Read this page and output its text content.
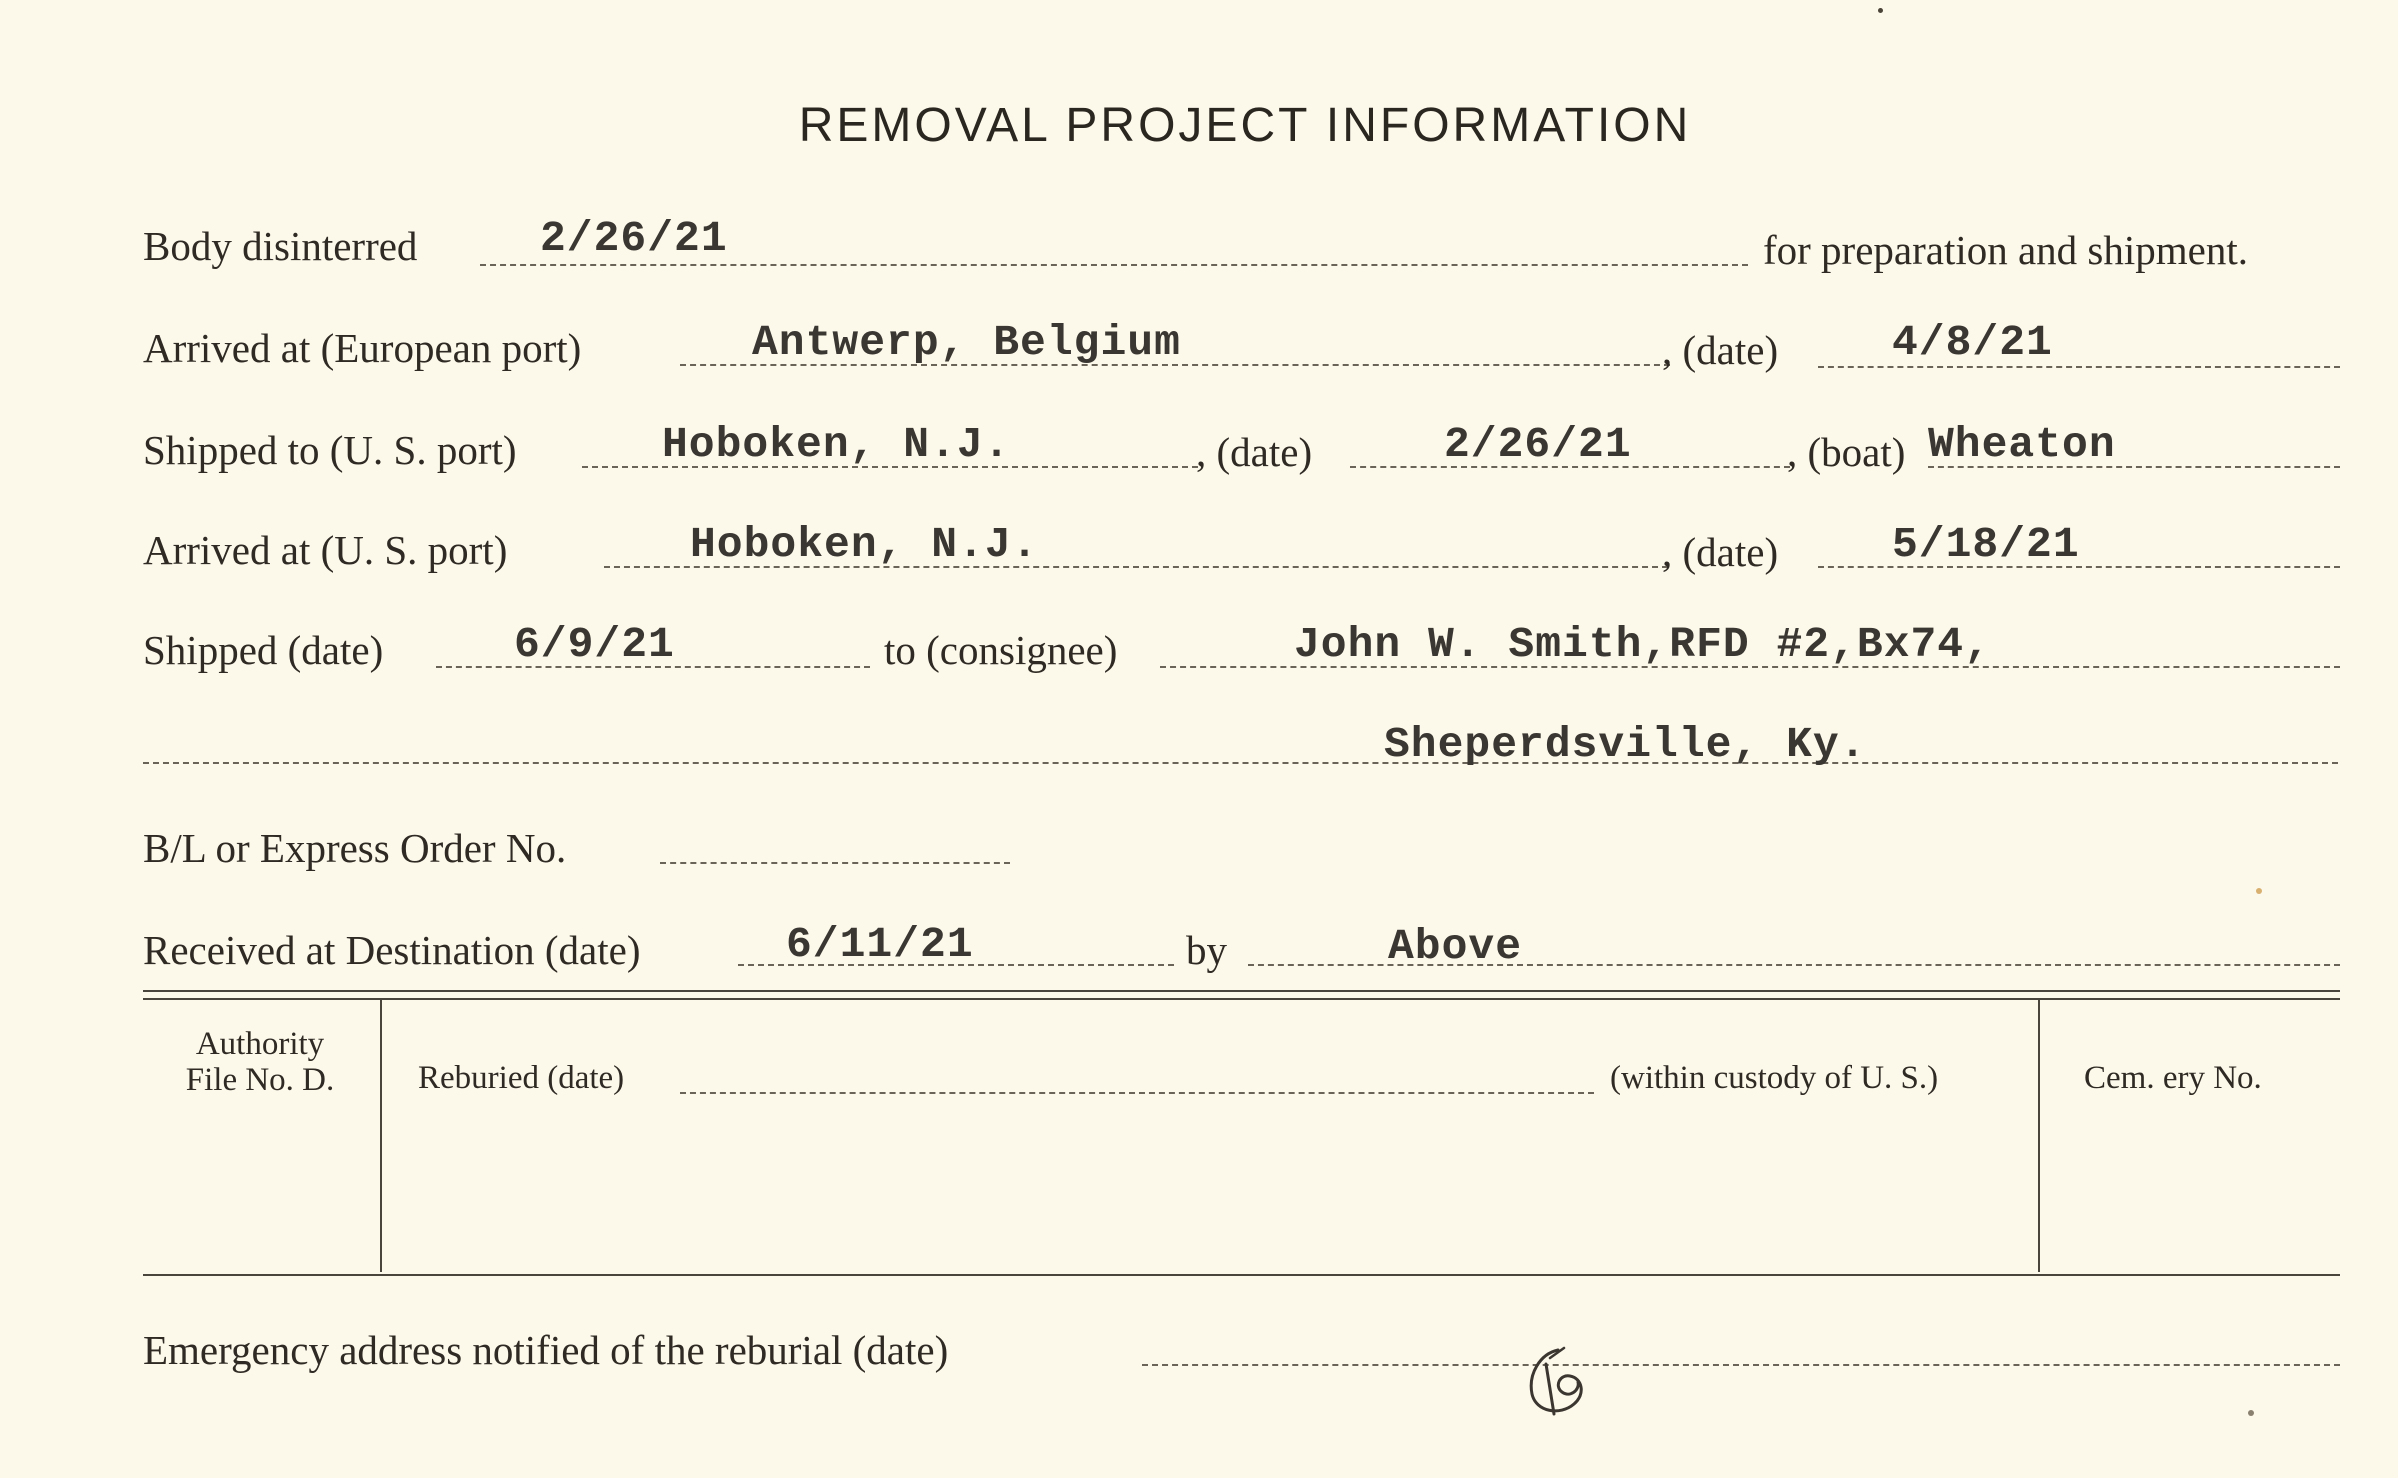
REMOVAL PROJECT INFORMATION
Body disinterred	2/26/21	for preparation and shipment.
Arrived at (European port)	Antwerp, Belgium	, (date)	4/8/21
Shipped to (U. S. port)	Hoboken, N.J.	, (date)	2/26/21	, (boat) Wheaton
Arrived at (U. S. port)	Hoboken, N.J.	, (date)	5/18/21
Shipped (date)	6/9/21	to (consignee)	John W. Smith,RFD #2,Bx74,
Sheperdsville, Ky.
B/L or Express Order No.
Received at Destination (date)	6/11/21	by	Above
Authority
File No. D.	Reburied (date)	(within custody of U. S.)	Cem. ery No.
Emergency address notified of the reburial (date)
